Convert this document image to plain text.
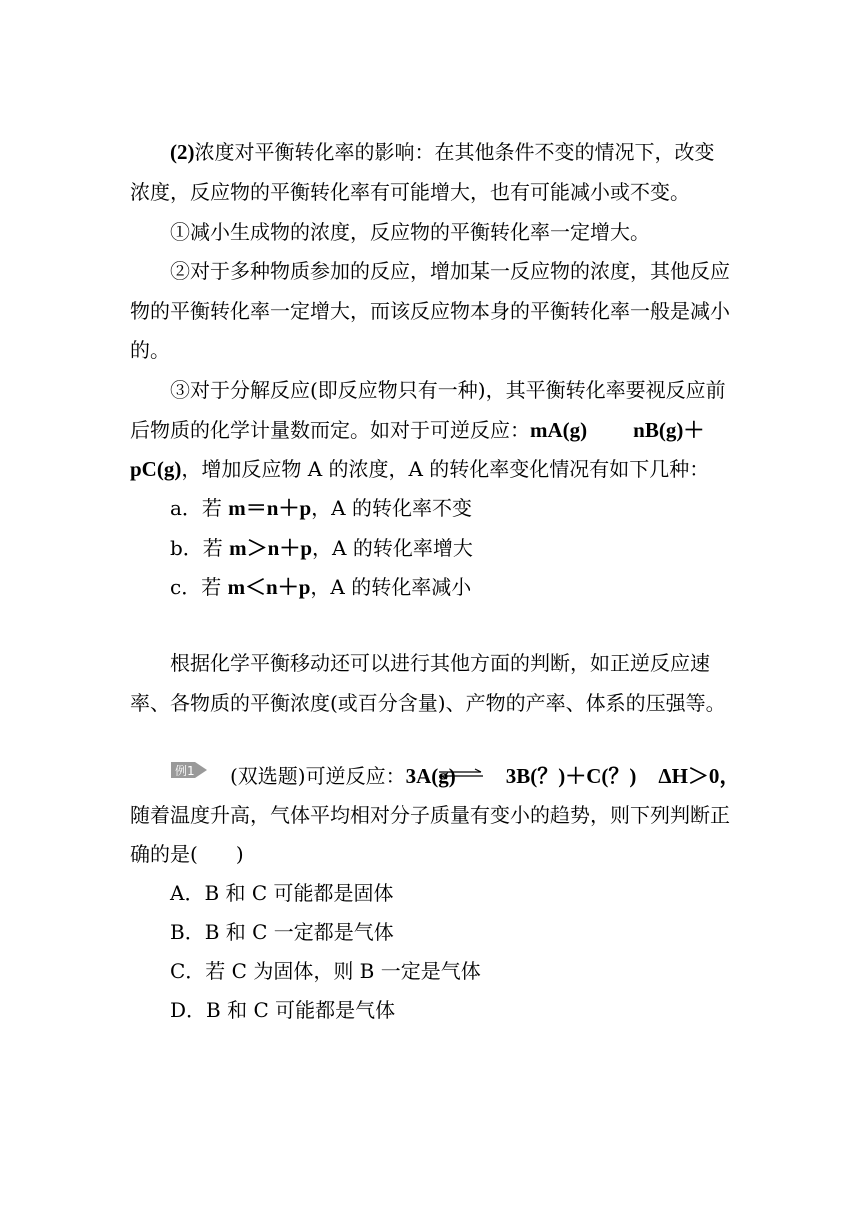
(2)浓度对平衡转化率的影响：在其他条件不变的情况下，改变
浓度，反应物的平衡转化率有可能增大，也有可能减小或不变。
①减小生成物的浓度，反应物的平衡转化率一定增大。
②对于多种物质参加的反应，增加某一反应物的浓度，其他反应
物的平衡转化率一定增大，而该反应物本身的平衡转化率一般是减小
的。
③对于分解反应(即反应物只有一种)，其平衡转化率要视反应前
后物质的化学计量数而定。如对于可逆反应：mA(g) nB(g)＋
pC(g)，增加反应物 A 的浓度，A 的转化率变化情况有如下几种：
a．若 m＝n＋p，A 的转化率不变
b．若 m＞n＋p，A 的转化率增大
c．若 m＜n＋p，A 的转化率减小
根据化学平衡移动还可以进行其他方面的判断，如正逆反应速
率、各物质的平衡浓度(或百分含量)、产物的产率、体系的压强等。
例1 (双选题)可逆反应：3A(g) 3B(？)＋C(？) ΔH＞0，
随着温度升高，气体平均相对分子质量有变小的趋势，则下列判断正
确的是( )
A．B 和 C 可能都是固体
B．B 和 C 一定都是气体
C．若 C 为固体，则 B 一定是气体
D．B 和 C 可能都是气体
